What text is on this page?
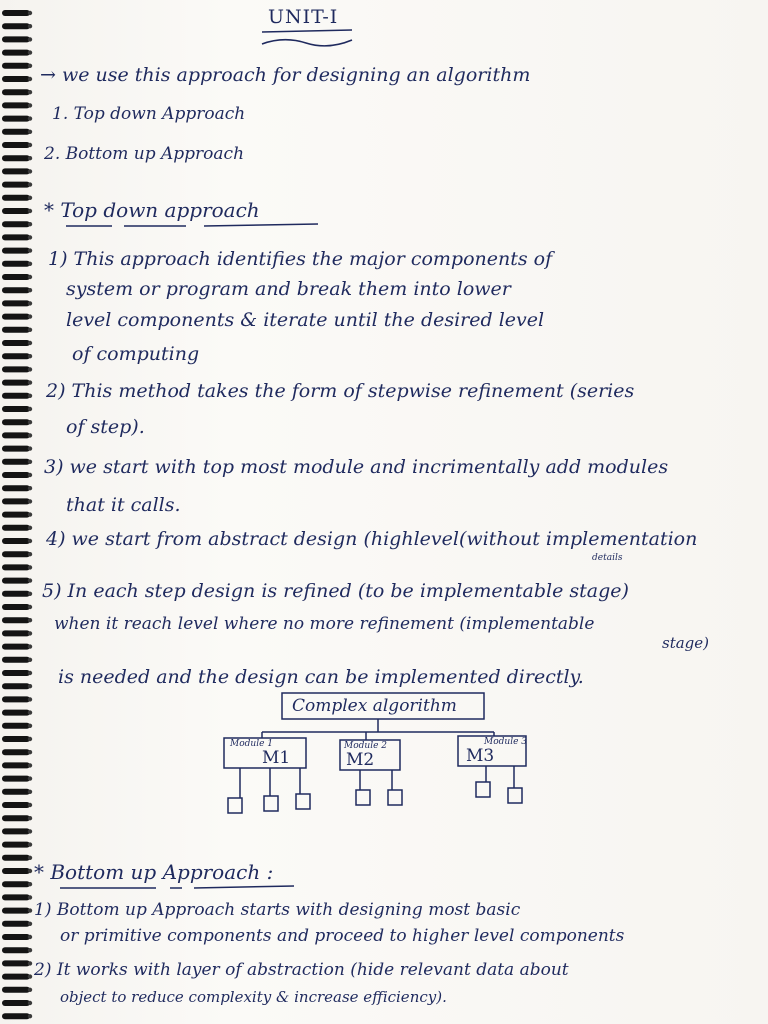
UNIT-I
→ we use this approach for designing an algorithm
1. Top down Approach
2. Bottom up Approach
* Top down approach
1) This approach identifies the major components of
system or program and break them into lower
level components & iterate until the desired level
of computing
2) This method takes the form of stepwise refinement (series
of step).
3) we start with top most module and incrimentally add modules
that it calls.
4) we start from abstract design (highlevel(without implementation
details
5) In each step design is refined (to be implementable stage)
when it reach level where no more refinement (implementable
stage)
is needed and the design can be implemented directly.
Complex algorithm
Module 1
M1
Module 2
M2
Module 3
M3
* Bottom up Approach :
1) Bottom up Approach starts with designing most basic
or primitive components and proceed to higher level components
2) It works with layer of abstraction (hide relevant data about
object to reduce complexity & increase efficiency).
